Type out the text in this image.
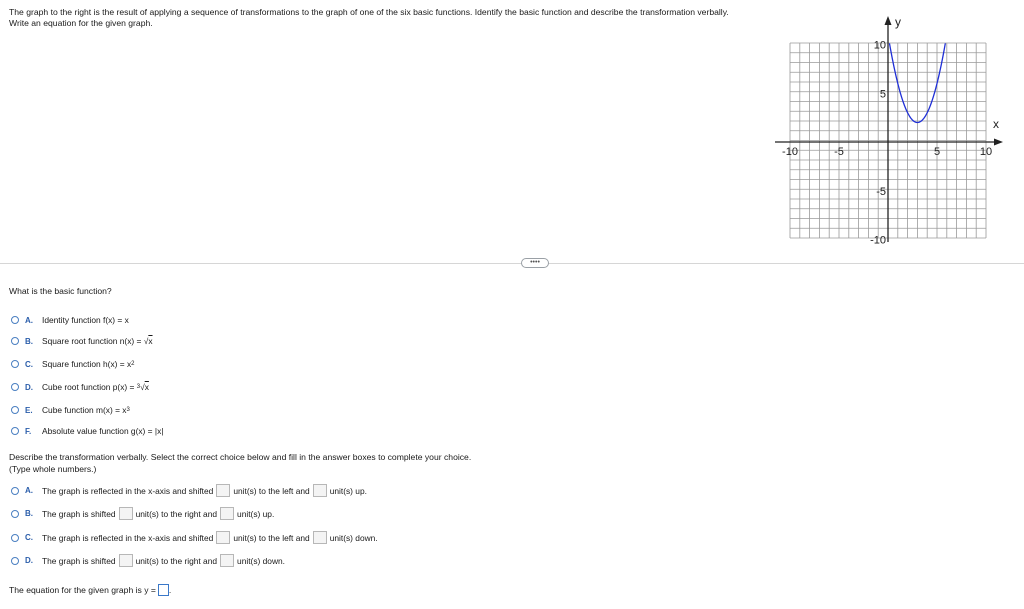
The graph to the right is the result of applying a sequence of transformations to the graph of one of the six basic functions. Identify the basic function and describe the transformation verbally. Write an equation for the given graph.
-10	-5	5	10
10
5
-5
-10
x
y
••••
What is the basic function?
A.	Identity function f(x) = x
B.	Square root function n(x) =
√ x
C.	Square function h(x) = x 2
D.	Cube root function p(x) =
3 √ x
E.	Cube function m(x) = x 3
F.	Absolute value function g(x) = |x|
Describe the transformation verbally. Select the correct choice below and fill in the answer boxes to complete your choice.
(Type whole numbers.)
A.	The graph is reflected in the x-axis and shifted unit(s) to the left and unit(s) up.
B.	The graph is shifted unit(s) to the right and unit(s) up.
C.	The graph is reflected in the x-axis and shifted unit(s) to the left and unit(s) down.
D.	The graph is shifted unit(s) to the right and unit(s) down.
The equation for the given graph is y = .
